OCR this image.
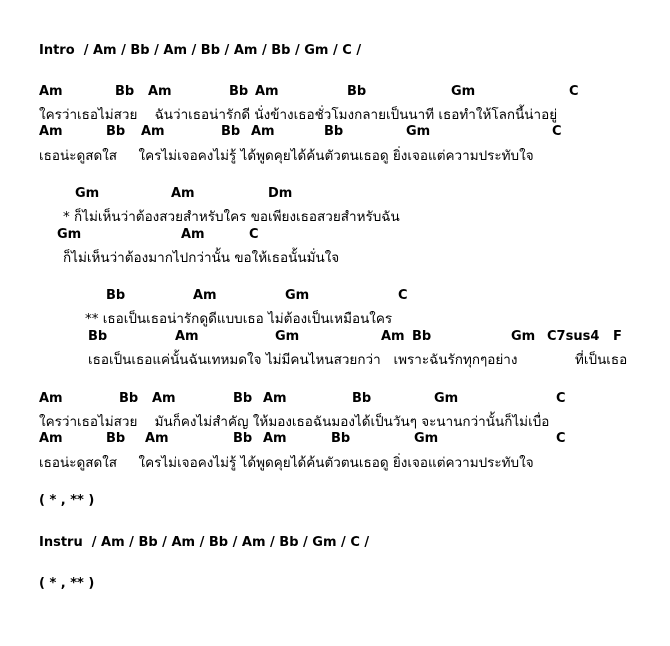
Intro  / Am / Bb / Am / Bb / Am / Bb / Gm / C /

Am

	Bb

Am

	Bb

Am

	Bb

	Gm

	C

ใครว่าเธอไม่สวย    ฉันว่าเธอน่ารักดี นั่งข้างเธอชั่วโมงกลายเป็นนาที เธอทำให้โลกนี้น่าอยู่

Am

	Bb

Am

	Bb

Am

	Bb

	Gm

	C

เธอน่ะดูสดใส     ใครไม่เจอคงไม่รู้ ได้พูดคุยได้ค้นตัวตนเธอดู ยิ่งเจอแต่ความประทับใจ

Gm

	Am

	Dm

* ก็ไม่เห็นว่าต้องสวยสำหรับใคร ขอเพียงเธอสวยสำหรับฉัน

Gm

	Am

	C

ก็ไม่เห็นว่าต้องมากไปกว่านั้น ขอให้เธอนั้นมั่นใจ

Bb

	Am

	Gm

	C

** เธอเป็นเธอน่ารักดูดีแบบเธอ ไม่ต้องเป็นเหมือนใคร

Bb

	Am

	Gm

	Am

Bb

	Gm

C7sus4

F

เธอเป็นเธอแค่นั้นฉันเทหมดใจ ไม่มีคนไหนสวยกว่า   เพราะฉันรักทุกๆอย่าง

	ที่เป็นเธอ

Am

	Bb

Am

	Bb

Am

	Bb

	Gm

	C

ใครว่าเธอไม่สวย    มันก็คงไม่สำคัญ ให้มองเธอฉันมองได้เป็นวันๆ จะนานกว่านั้นก็ไม่เบื่อ

Am

	Bb

Am

	Bb

Am

	Bb

	Gm

	C

เธอน่ะดูสดใส     ใครไม่เจอคงไม่รู้ ได้พูดคุยได้ค้นตัวตนเธอดู ยิ่งเจอแต่ความประทับใจ
( * , ** )
Instru  / Am / Bb / Am / Bb / Am / Bb / Gm / C /
( * , ** )
